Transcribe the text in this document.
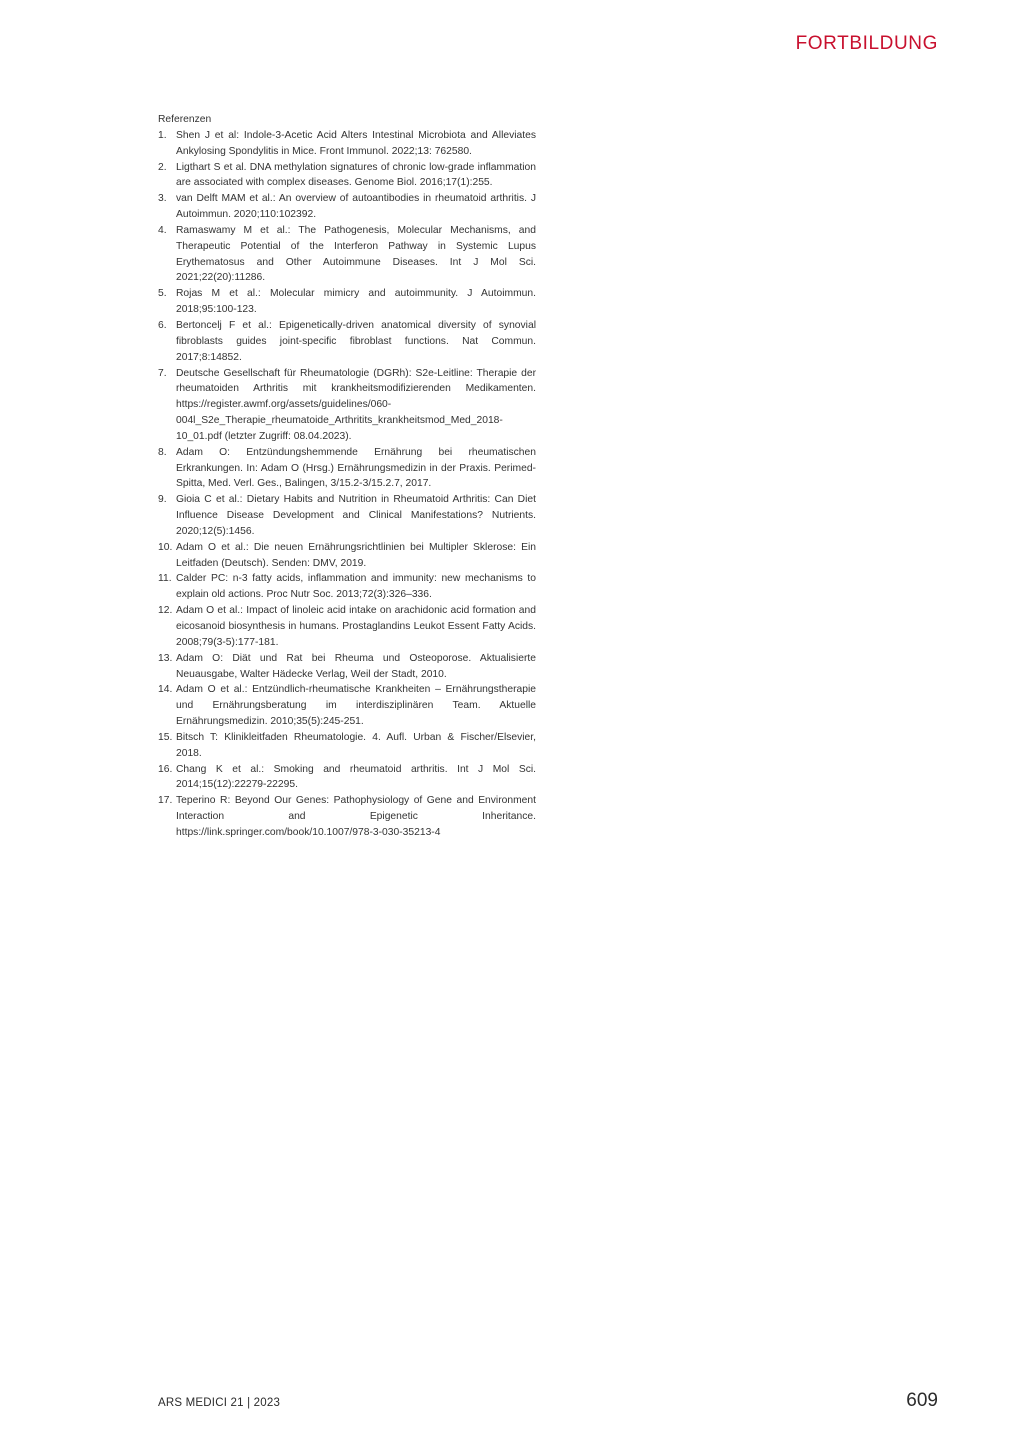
FORTBILDUNG
Referenzen
1. Shen J et al: Indole-3-Acetic Acid Alters Intestinal Microbiota and Alleviates Ankylosing Spondylitis in Mice. Front Immunol. 2022;13: 762580.
2. Ligthart S et al. DNA methylation signatures of chronic low-grade inflammation are associated with complex diseases. Genome Biol. 2016;17(1):255.
3. van Delft MAM et al.: An overview of autoantibodies in rheumatoid arthritis. J Autoimmun. 2020;110:102392.
4. Ramaswamy M et al.: The Pathogenesis, Molecular Mechanisms, and Therapeutic Potential of the Interferon Pathway in Systemic Lupus Erythematosus and Other Autoimmune Diseases. Int J Mol Sci. 2021;22(20):11286.
5. Rojas M et al.: Molecular mimicry and autoimmunity. J Autoimmun. 2018;95:100-123.
6. Bertoncelj F et al.: Epigenetically-driven anatomical diversity of synovial fibroblasts guides joint-specific fibroblast functions. Nat Commun. 2017;8:14852.
7. Deutsche Gesellschaft für Rheumatologie (DGRh): S2e-Leitline: Therapie der rheumatoiden Arthritis mit krankheitsmodifizierenden Medikamenten. https://register.awmf.org/assets/guidelines/060-004l_S2e_Therapie_rheumatoide_Arthritits_krankheitsmod_Med_2018-10_01.pdf (letzter Zugriff: 08.04.2023).
8. Adam O: Entzündungshemmende Ernährung bei rheumatischen Erkrankungen. In: Adam O (Hrsg.) Ernährungsmedizin in der Praxis. Perimed-Spitta, Med. Verl. Ges., Balingen, 3/15.2-3/15.2.7, 2017.
9. Gioia C et al.: Dietary Habits and Nutrition in Rheumatoid Arthritis: Can Diet Influence Disease Development and Clinical Manifestations? Nutrients. 2020;12(5):1456.
10. Adam O et al.: Die neuen Ernährungsrichtlinien bei Multipler Sklerose: Ein Leitfaden (Deutsch). Senden: DMV, 2019.
11. Calder PC: n-3 fatty acids, inflammation and immunity: new mechanisms to explain old actions. Proc Nutr Soc. 2013;72(3):326–336.
12. Adam O et al.: Impact of linoleic acid intake on arachidonic acid formation and eicosanoid biosynthesis in humans. Prostaglandins Leukot Essent Fatty Acids. 2008;79(3-5):177-181.
13. Adam O: Diät und Rat bei Rheuma und Osteoporose. Aktualisierte Neuausgabe, Walter Hädecke Verlag, Weil der Stadt, 2010.
14. Adam O et al.: Entzündlich-rheumatische Krankheiten – Ernährungstherapie und Ernährungsberatung im interdisziplinären Team. Aktuelle Ernährungsmedizin. 2010;35(5):245-251.
15. Bitsch T: Klinikleitfaden Rheumatologie. 4. Aufl. Urban & Fischer/Elsevier, 2018.
16. Chang K et al.: Smoking and rheumatoid arthritis. Int J Mol Sci. 2014;15(12):22279-22295.
17. Teperino R: Beyond Our Genes: Pathophysiology of Gene and Environment Interaction and Epigenetic Inheritance. https://link.springer.com/book/10.1007/978-3-030-35213-4
ARS MEDICI 21 | 2023	609
